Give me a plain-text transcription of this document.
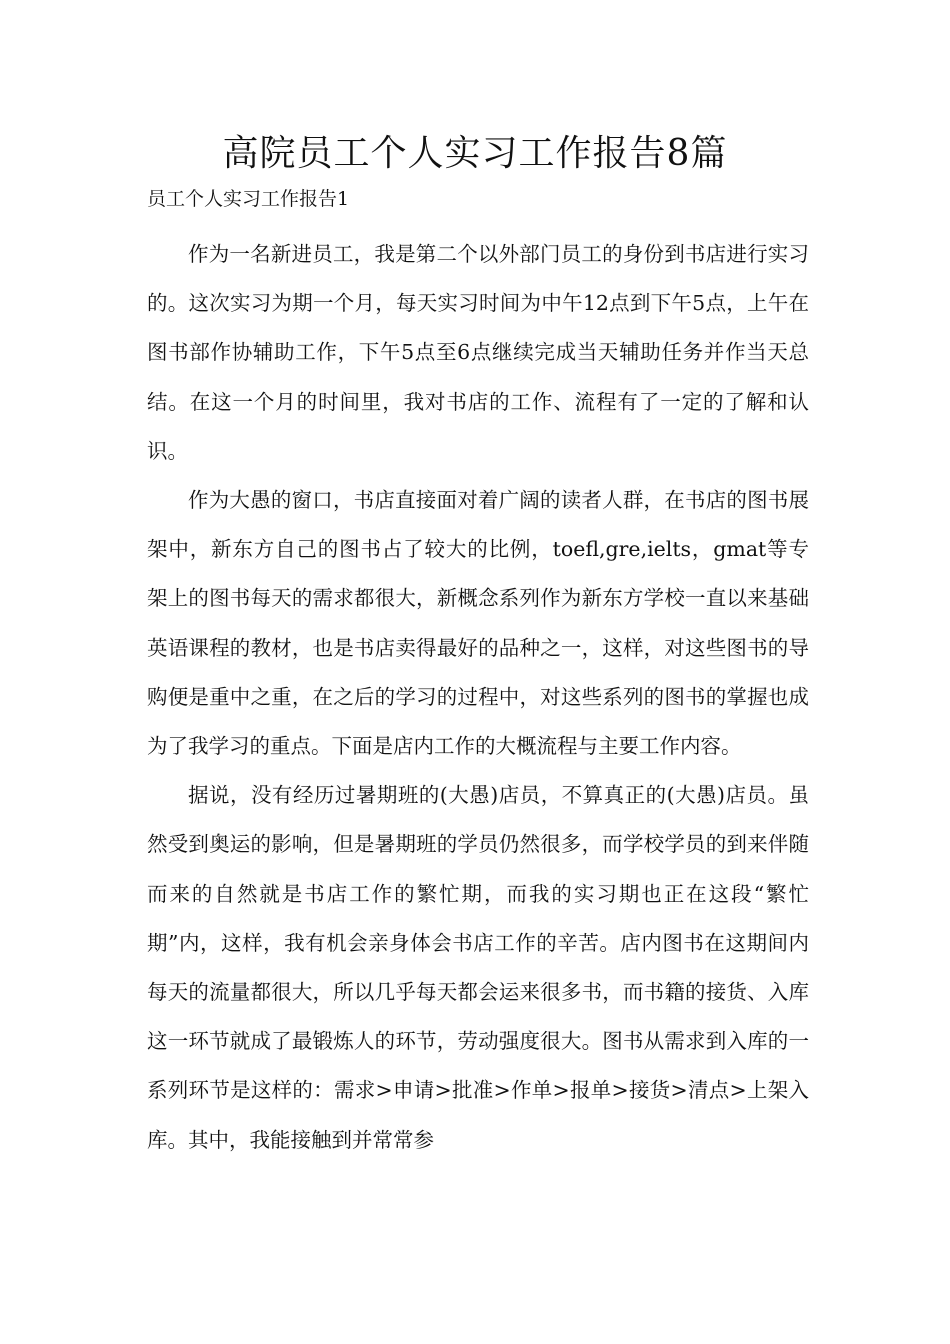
高院员工个人实习工作报告8篇
员工个人实习工作报告1

作为一名新进员工，我是第二个以外部门员工的身份到书店进行实习的。这次实习为期一个月，每天实习时间为中午12点到下午5点，上午在图书部作协辅助工作，下午5点至6点继续完成当天辅助任务并作当天总结。在这一个月的时间里，我对书店的工作、流程有了一定的了解和认识。

作为大愚的窗口，书店直接面对着广阔的读者人群，在书店的图书展架中，新东方自己的图书占了较大的比例，toefl,gre,ielts，gmat等专架上的图书每天的需求都很大，新概念系列作为新东方学校一直以来基础英语课程的教材，也是书店卖得最好的品种之一，这样，对这些图书的导购便是重中之重，在之后的学习的过程中，对这些系列的图书的掌握也成为了我学习的重点。下面是店内工作的大概流程与主要工作内容。

据说，没有经历过暑期班的(大愚)店员，不算真正的(大愚)店员。虽然受到奥运的影响，但是暑期班的学员仍然很多，而学校学员的到来伴随而来的自然就是书店工作的繁忙期，而我的实习期也正在这段“繁忙期”内，这样，我有机会亲身体会书店工作的辛苦。店内图书在这期间内每天的流量都很大，所以几乎每天都会运来很多书，而书籍的接货、入库这一环节就成了最锻炼人的环节，劳动强度很大。图书从需求到入库的一系列环节是这样的：需求>申请>批准>作单>报单>接货>清点>上架入库。其中，我能接触到并常常参
